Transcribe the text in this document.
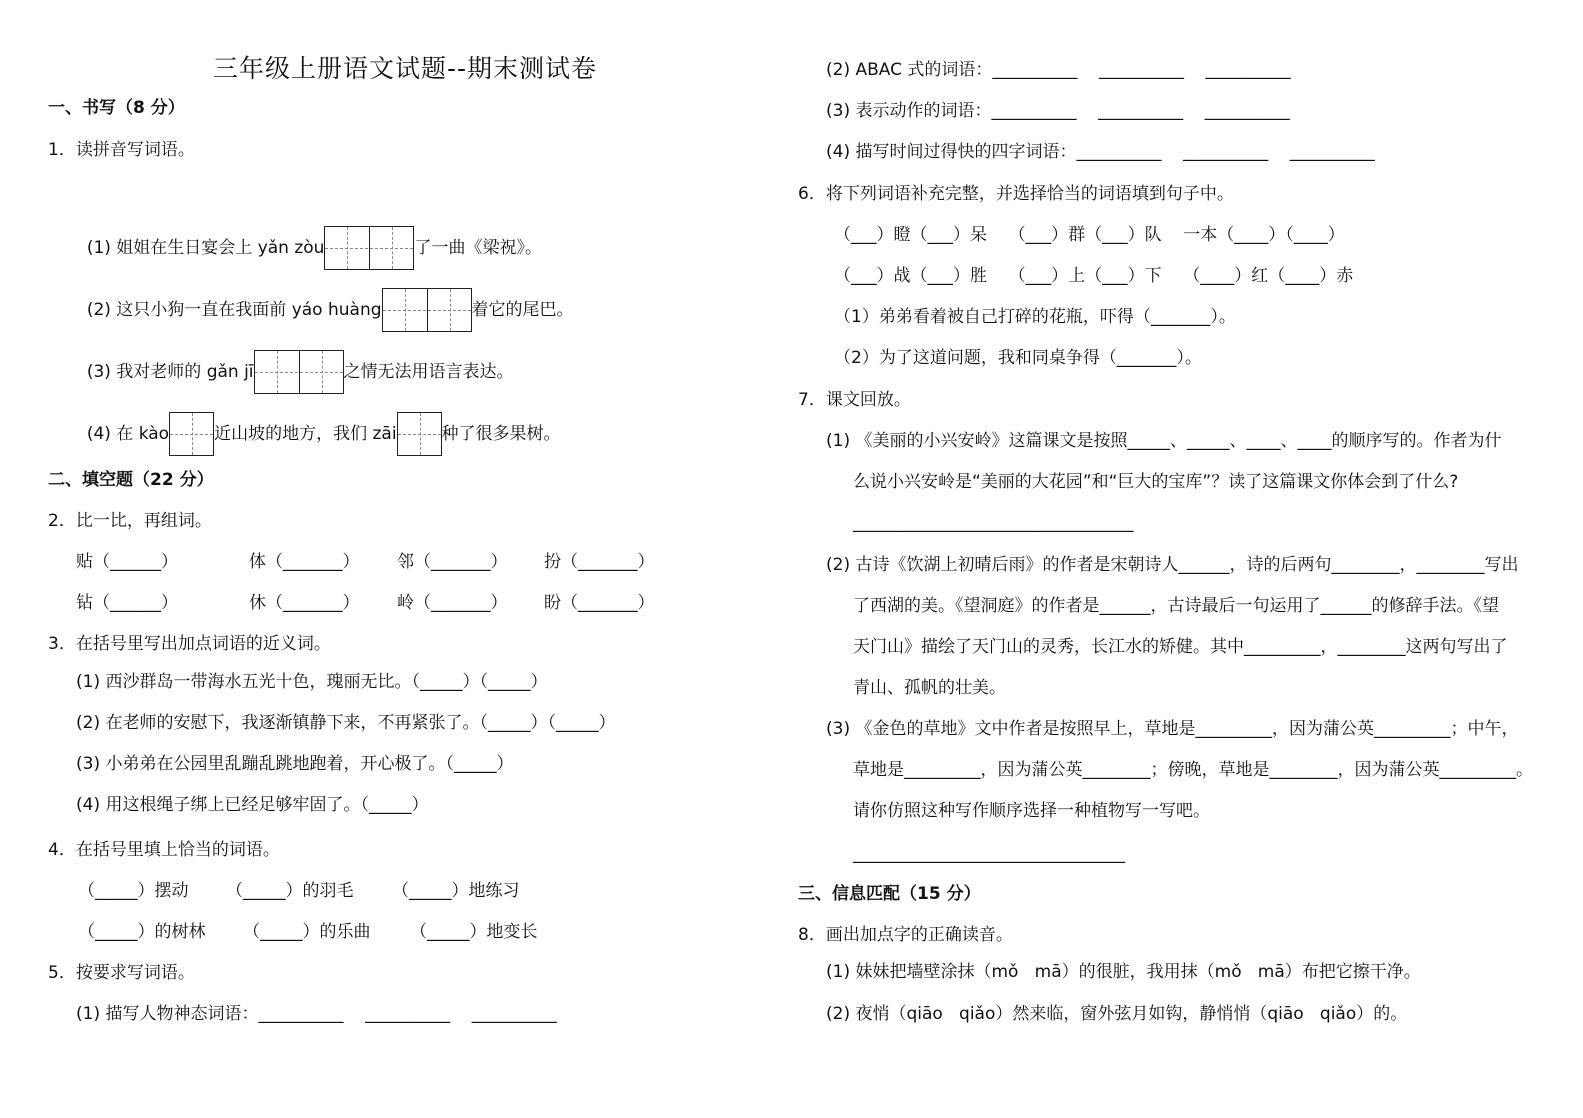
三年级上册语文试题--期末测试卷
一、书写（8 分）
1．读拼音写词语。

(1) 姐姐在生日宴会上 yǎn zòu	了一曲《梁祝》。

(2) 这只小狗一直在我面前 yáo huàng	着它的尾巴。

(3) 我对老师的 gǎn jī	之情无法用语言表达。

(4) 在 kào	近山坡的地方，我们 zāi	种了很多果树。

二、填空题（22 分）
2．比一比，再组词。
贴（______）	体（_______） 邻（_______） 扮（_______）
钻（______）	休（_______） 岭（_______） 盼（_______）
3．在括号里写出加点词语的近义词。
(1) 西沙群岛一带海水五光十色，瑰丽无比。（_____）（_____）
(2) 在老师的安慰下，我逐渐镇静下来，不再紧张了。（_____）（_____）
(3) 小弟弟在公园里乱蹦乱跳地跑着，开心极了。（_____）
(4) 用这根绳子绑上已经足够牢固了。（_____）
4．在括号里填上恰当的词语。
（_____）摆动 （_____）的羽毛 （_____）地练习
（_____）的树林 （_____）的乐曲 （_____）地变长
5．按要求写词语。
(1) 描写人物神态词语：__________    __________    __________
(2) ABAC 式的词语：__________    __________    __________
(3) 表示动作的词语：__________    __________    __________
(4) 描写时间过得快的四字词语：__________    __________    __________
6．将下列词语补充完整，并选择恰当的词语填到句子中。
（___）瞪（___）呆    （___）群（___）队    一本（____）（____）
（___）战（___）胜    （___）上（___）下    （____）红（____）赤
（1）弟弟看着被自己打碎的花瓶，吓得（_______）。
（2）为了这道问题，我和同桌争得（_______）。
7．课文回放。
(1) 《美丽的小兴安岭》这篇课文是按照_____、_____、____、____的顺序写的。作者为什
么说小兴安岭是“美丽的大花园”和“巨大的宝库”？读了这篇课文你体会到了什么?
_________________________________
(2) 古诗《饮湖上初晴后雨》的作者是宋朝诗人______，诗的后两句________，________写出
了西湖的美。《望洞庭》的作者是______，古诗最后一句运用了______的修辞手法。《望
天门山》描绘了天门山的灵秀，长江水的矫健。其中_________，________这两句写出了
青山、孤帆的壮美。
(3) 《金色的草地》文中作者是按照早上，草地是_________，因为蒲公英_________；中午，
草地是_________，因为蒲公英________；傍晚，草地是________，因为蒲公英_________。
请你仿照这种写作顺序选择一种植物写一写吧。
________________________________
三、信息匹配（15 分）
8．画出加点字的正确读音。
(1) 妹妹把墙壁涂抹（mǒ   mā）的很脏，我用抹（mǒ   mā）布把它擦干净。
(2) 夜悄（qiāo   qiǎo）然来临，窗外弦月如钩，静悄悄（qiāo   qiǎo）的。
